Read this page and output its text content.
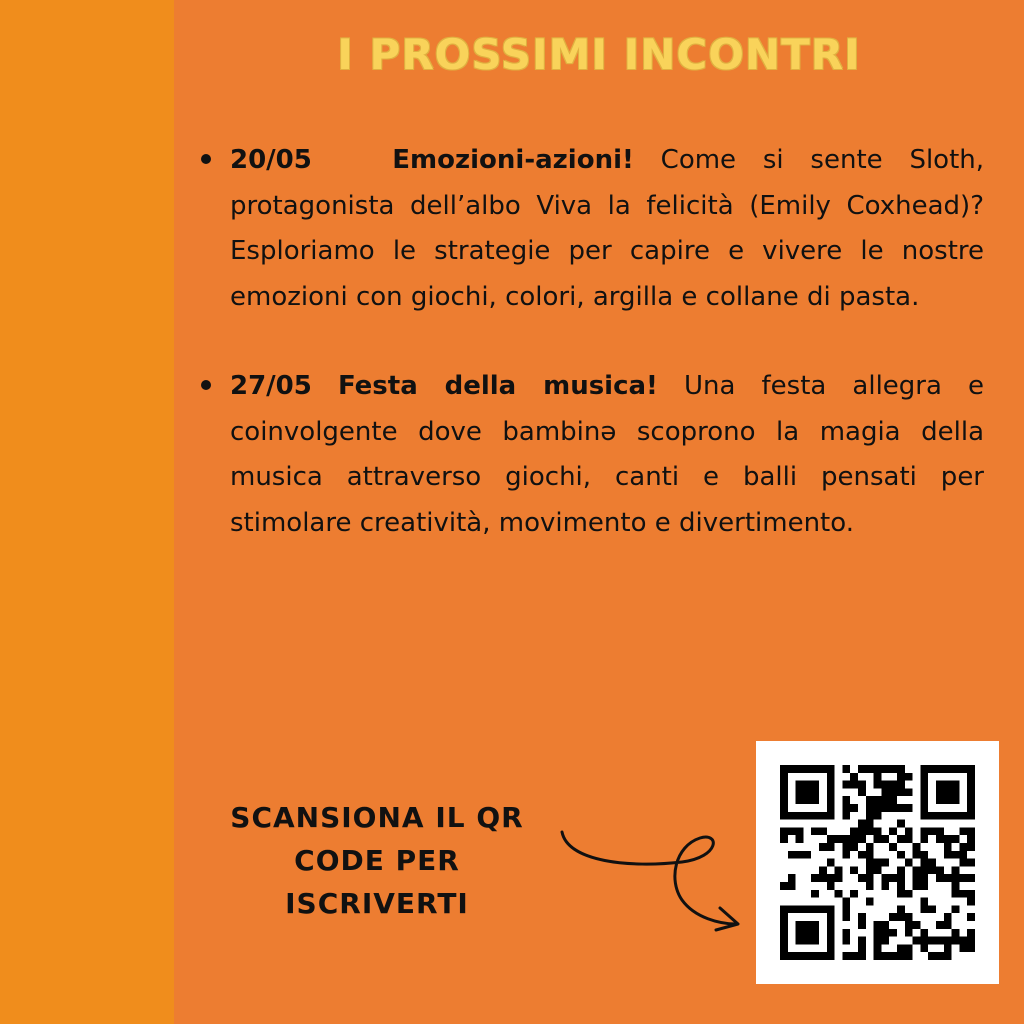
I PROSSIMI INCONTRI
20/05	Emozioni-azioni! Come si sente Sloth, protagonista dell’albo Viva la felicità (Emily Coxhead)? Esploriamo le strategie per capire e vivere le nostre emozioni con giochi, colori, argilla e collane di pasta.
27/05 Festa della musica! Una festa allegra e coinvolgente dove bambinə scoprono la magia della musica attraverso giochi, canti e balli pensati per stimolare creatività, movimento e divertimento.
SCANSIONA IL QR
CODE PER
ISCRIVERTI
